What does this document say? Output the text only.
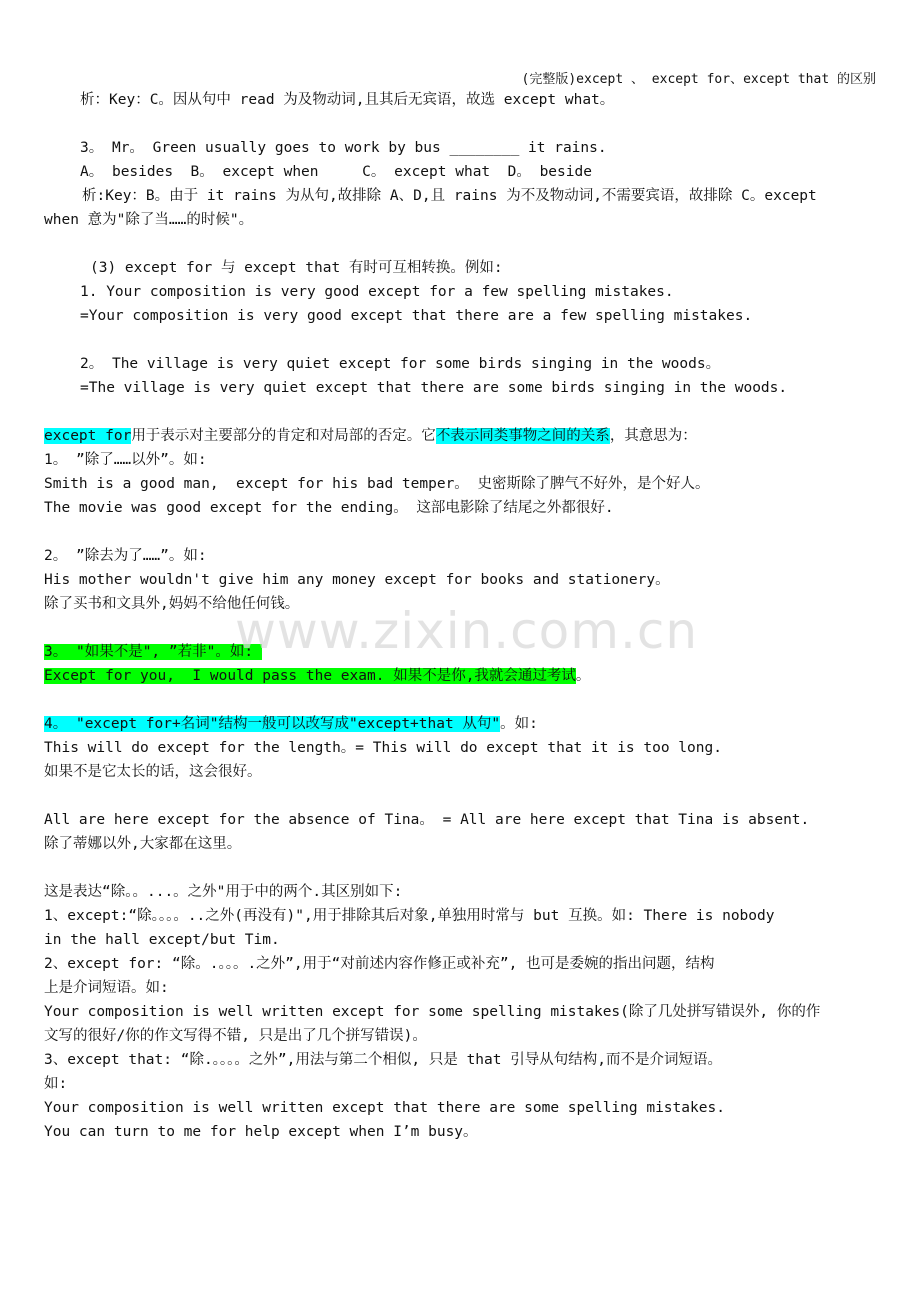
(完整版)except 、 except for、except that 的区别
析：Key：C。因从句中 read 为及物动词,且其后无宾语，故选 except what。
3。 Mr。 Green usually goes to work by bus ________ it rains.
A。 besides  B。 except when     C。 except what  D。 beside
析:Key：B。由于 it rains 为从句,故排除 A、D,且 rains 为不及物动词,不需要宾语，故排除 C。except
when 意为"除了当……的时候"。
(3) except for 与 except that 有时可互相转换。例如:
1. Your composition is very good except for a few spelling mistakes.
=Your composition is very good except that there are a few spelling mistakes.
2。 The village is very quiet except for some birds singing in the woods。
=The village is very quiet except that there are some birds singing in the woods.
except for用于表示对主要部分的肯定和对局部的否定。它不表示同类事物之间的关系，其意思为：
1。 ”除了……以外”。如:
Smith is a good man,  except for his bad temper。 史密斯除了脾气不好外，是个好人。
The movie was good except for the ending。 这部电影除了结尾之外都很好.
2。 ”除去为了……”。如:
His mother wouldn't give him any money except for books and stationery。
除了买书和文具外,妈妈不给他任何钱。
3。 "如果不是", ”若非"。如:
Except for you,  I would pass the exam. 如果不是你,我就会通过考试。
4。 "except for+名词"结构一般可以改写成"except+that 从句"。如:
This will do except for the length。= This will do except that it is too long.
如果不是它太长的话，这会很好。
All are here except for the absence of Tina。 = All are here except that Tina is absent.
除了蒂娜以外,大家都在这里。
这是表达“除。。...。之外"用于中的两个.其区别如下:
1、except:“除。。。。..之外(再没有)",用于排除其后对象,单独用时常与 but 互换。如: There is nobody
in the hall except/but Tim.
2、except for: “除。.。。。.之外”,用于“对前述内容作修正或补充”, 也可是委婉的指出问题，结构
上是介词短语。如:
Your composition is well written except for some spelling mistakes(除了几处拼写错误外, 你的作
文写的很好/你的作文写得不错, 只是出了几个拼写错误)。
3、except that: “除.。。。。之外”,用法与第二个相似, 只是 that 引导从句结构,而不是介词短语。
如:
Your composition is well written except that there are some spelling mistakes.
You can turn to me for help except when I’m busy。
www.zixin.com.cn
